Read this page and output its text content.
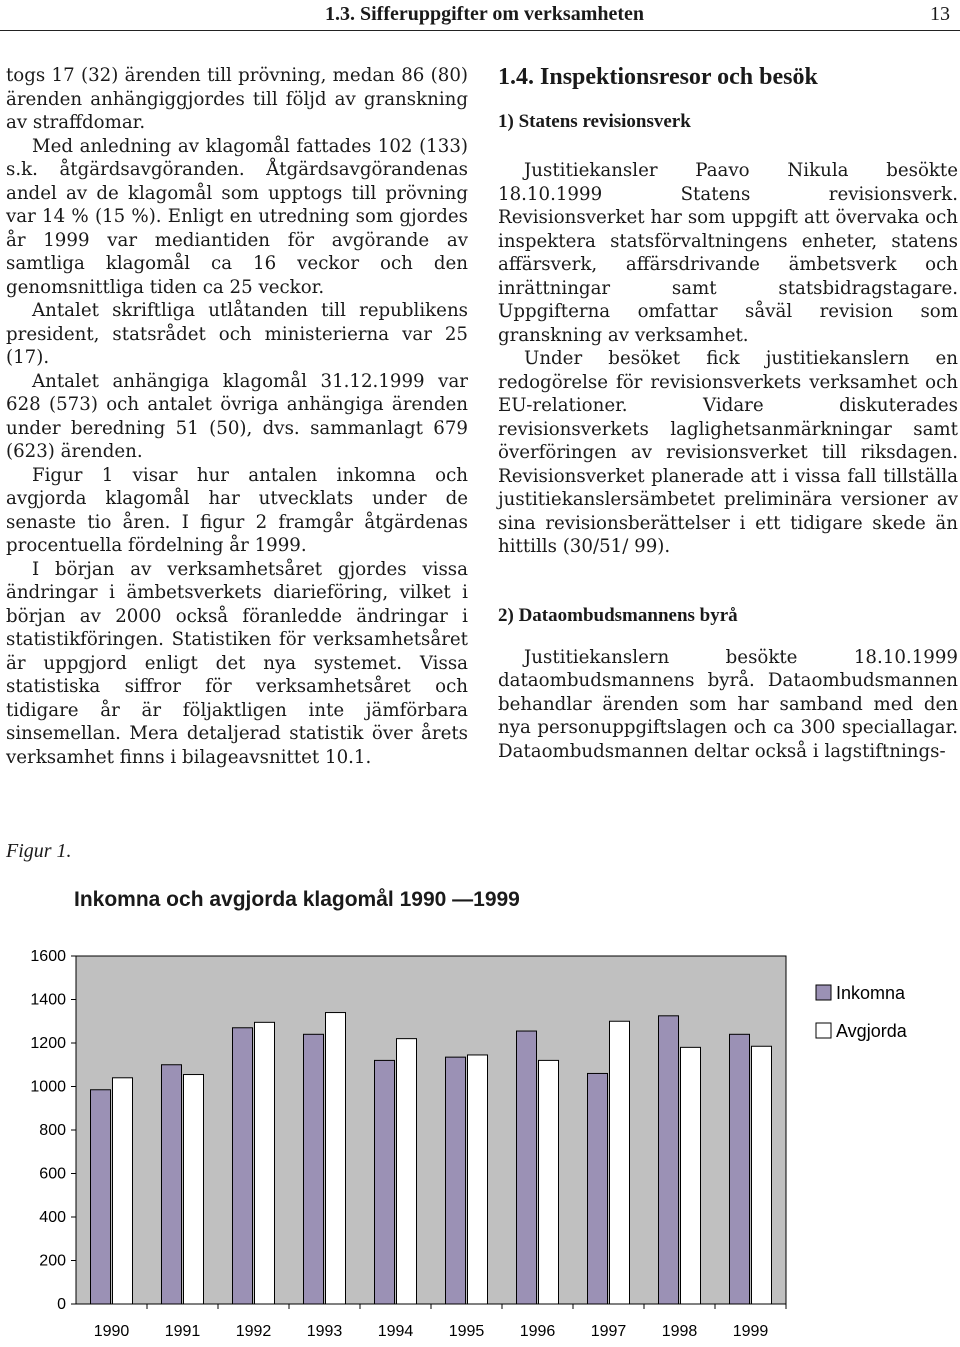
1.3. Sifferuppgifter om verksamheten	13

togs 17 (32) ärenden till prövning, medan 86 (80) ärenden anhängiggjordes till följd av granskning av straffdomar.

Med anledning av klagomål fattades 102 (133) s.k. åtgärdsavgöranden. Åtgärdsavgörandenas andel av de klagomål som upptogs till prövning var 14 % (15 %). Enligt en utredning som gjordes år 1999 var mediantiden för avgörande av samtliga klagomål ca 16 veckor och den genomsnittliga tiden ca 25 veckor.

Antalet skriftliga utlåtanden till republikens president, statsrådet och ministerierna var 25 (17).

Antalet anhängiga klagomål 31.12.1999 var 628 (573) och antalet övriga anhängiga ärenden under beredning 51 (50), dvs. sammanlagt 679 (623) ärenden.

Figur 1 visar hur antalen inkomna och avgjorda klagomål har utvecklats under de senaste tio åren. I figur 2 framgår åtgärdenas procentuella fördelning år 1999.

I början av verksamhetsåret gjordes vissa ändringar i ämbetsverkets diarieföring, vilket i början av 2000 också föranledde ändringar i statistikföringen. Statistiken för verksamhetsåret är uppgjord enligt det nya systemet. Vissa statistiska siffror för verksamhetsåret och tidigare år är följaktligen inte jämförbara sinsemellan. Mera detaljerad statistik över årets verksamhet finns i bilageavsnittet 10.1.

1.4. Inspektionsresor och besök
1) Statens revisionsverk

Justitiekansler Paavo Nikula besökte 18.10.1999 Statens revisionsverk. Revisionsverket har som uppgift att övervaka och inspektera statsförvaltningens enheter, statens affärsverk, affärsdrivande ämbetsverk och inrättningar samt statsbidragstagare. Uppgifterna omfattar såväl revision som granskning av verksamhet.

Under besöket fick justitiekanslern en redogörelse för revisionsverkets verksamhet och EU-relationer. Vidare diskuterades revisionsverkets laglighetsanmärkningar samt överföringen av revisionsverket till riksdagen. Revisionsverket planerade att i vissa fall tillställa justitiekanslersämbetet preliminära versioner av sina revisionsberättelser i ett tidigare skede än hittills (30/51/ 99).

2) Dataombudsmannens byrå

Justitiekanslern besökte 18.10.1999 dataombudsmannens byrå. Dataombudsmannen behandlar ärenden som har samband med den nya personuppgiftslagen och ca 300 speciallagar. Dataombudsmannen deltar också i lagstiftnings-

Figur 1.
Inkomna och avgjorda klagomål 1990 —1999
0
200
400
600
800
1000
1200
1400
1600
1990 1991 1992 1993 1994 1995 1996 1997 1998 1999
Inkomna
Avgjorda
